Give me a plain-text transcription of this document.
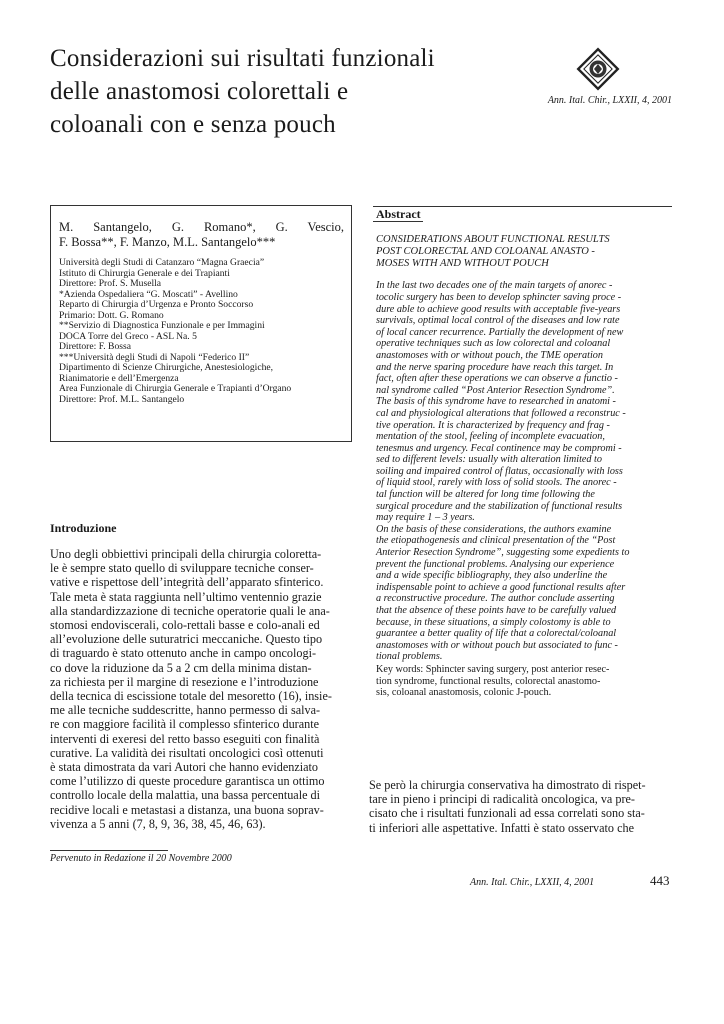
Considerazioni sui risultati funzionali
delle anastomosi colorettali e
coloanali con e senza pouch
Ann. Ital. Chir., LXXII, 4, 2001
M. Santangelo, G. Romano*, G. Vescio,
F. Bossa**, F. Manzo, M.L. Santangelo***
Università degli Studi di Catanzaro “Magna Graecia”
Istituto di Chirurgia Generale e dei Trapianti
Direttore: Prof. S. Musella
*Azienda Ospedaliera “G. Moscati” - Avellino
Reparto di Chirurgia d’Urgenza e Pronto Soccorso
Primario: Dott. G. Romano
**Servizio di Diagnostica Funzionale e per Immagini
DOCA Torre del Greco - ASL Na. 5
Direttore: F. Bossa
***Università degli Studi di Napoli “Federico II”
Dipartimento di Scienze Chirurgiche, Anestesiologiche,
Rianimatorie e dell’Emergenza
Area Funzionale di Chirurgia Generale e Trapianti d’Organo
Direttore: Prof. M.L. Santangelo
Abstract
CONSIDERATIONS ABOUT FUNCTIONAL RESULTS
POST COLORECTAL AND COLOANAL ANASTO -
MOSES WITH AND WITHOUT POUCH
In the last two decades one of the main targets of anorec -
tocolic surgery has been to develop sphincter saving proce -
dure able to achieve good results with acceptable five-years
survivals, optimal local control of the diseases and low rate
of local cancer recurrence. Partially the development of new
operative techniques such as low colorectal and coloanal
anastomoses with or without pouch, the TME operation
and the nerve sparing procedure have reach this target. In
fact, often after these operations we can observe a functio -
nal syndrome called “Post Anterior Resection Syndrome”.
The basis of this syndrome have to researched in anatomi -
cal and physiological alterations that followed a reconstruc -
tive operation. It is characterized by frequency and frag -
mentation of the stool, feeling of incomplete evacuation,
tenesmus and urgency. Fecal continence may be compromi -
sed to different levels: usually with alteration limited to
soiling and impaired control of flatus, occasionally with loss
of liquid stool, rarely with loss of solid stools. The anorec -
tal function will be altered for long time following the
surgical procedure and the stabilization of functional results
may require 1 – 3 years.
On the basis of these considerations, the authors examine
the etiopathogenesis and clinical presentation of the “Post
Anterior Resection Syndrome”, suggesting some expedients to
prevent the functional problems. Analysing our experience
and a wide specific bibliography, they also underline the
indispensable point to achieve a good functional results after
a reconstructive procedure. The author conclude asserting
that the absence of these points have to be carefully valued
because, in these situations, a simply colostomy is able to
guarantee a better quality of life that a colorectal/coloanal
anastomoses with or without pouch but associated to func -
tional problems.
Key words: Sphincter saving surgery, post anterior resec-
tion syndrome, functional results, colorectal anastomo-
sis, coloanal anastomosis, colonic J-pouch.
Introduzione
Uno degli obbiettivi principali della chirurgia coloretta-
le è sempre stato quello di sviluppare tecniche conser-
vative e rispettose dell’integrità dell’apparato sfinterico.
Tale meta è stata raggiunta nell’ultimo ventennio grazie
alla standardizzazione di tecniche operatorie quali le ana-
stomosi endoviscerali, colo-rettali basse e colo-anali ed
all’evoluzione delle suturatrici meccaniche. Questo tipo
di traguardo è stato ottenuto anche in campo oncologi-
co dove la riduzione da 5 a 2 cm della minima distan-
za richiesta per il margine di resezione e l’introduzione
della tecnica di escissione totale del mesoretto (16), insie-
me alle tecniche suddescritte, hanno permesso di salva-
re con maggiore facilità il complesso sfinterico durante
interventi di exeresi del retto basso eseguiti con finalità
curative. La validità dei risultati oncologici così ottenuti
è stata dimostrata da vari Autori che hanno evidenziato
come l’utilizzo di queste procedure garantisca un ottimo
controllo locale della malattia, una bassa percentuale di
recidive locali e metastasi a distanza, una buona soprav-
vivenza a 5 anni (7, 8, 9, 36, 38, 45, 46, 63).
Se però la chirurgia conservativa ha dimostrato di rispet-
tare in pieno i principi di radicalità oncologica, va pre-
cisato che i risultati funzionali ad essa correlati sono sta-
ti inferiori alle aspettative. Infatti è stato osservato che
Pervenuto in Redazione il 20 Novembre 2000
Ann. Ital. Chir., LXXII, 4, 2001	443
